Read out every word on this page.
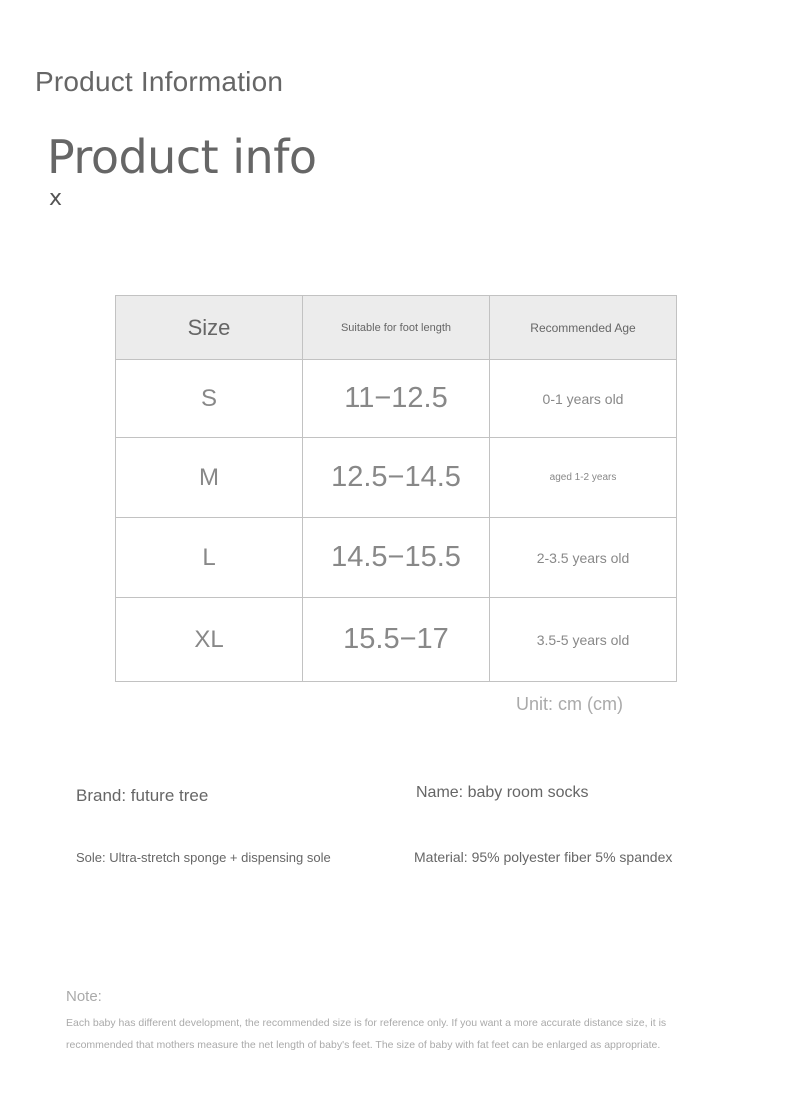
Product Information
Product info
x
Size	Suitable for foot length	Recommended Age
S	11−12.5	0-1 years old
M	12.5−14.5	aged 1-2 years
L	14.5−15.5	2-3.5 years old
XL	15.5−17	3.5-5 years old
Unit: cm (cm)
Brand: future tree	Name: baby room socks
Sole: Ultra-stretch sponge + dispensing sole	Material: 95% polyester fiber 5% spandex
Note:
Each baby has different development, the recommended size is for reference only. If you want a more accurate distance size, it is recommended that mothers measure the net length of baby's feet. The size of baby with fat feet can be enlarged as appropriate.
